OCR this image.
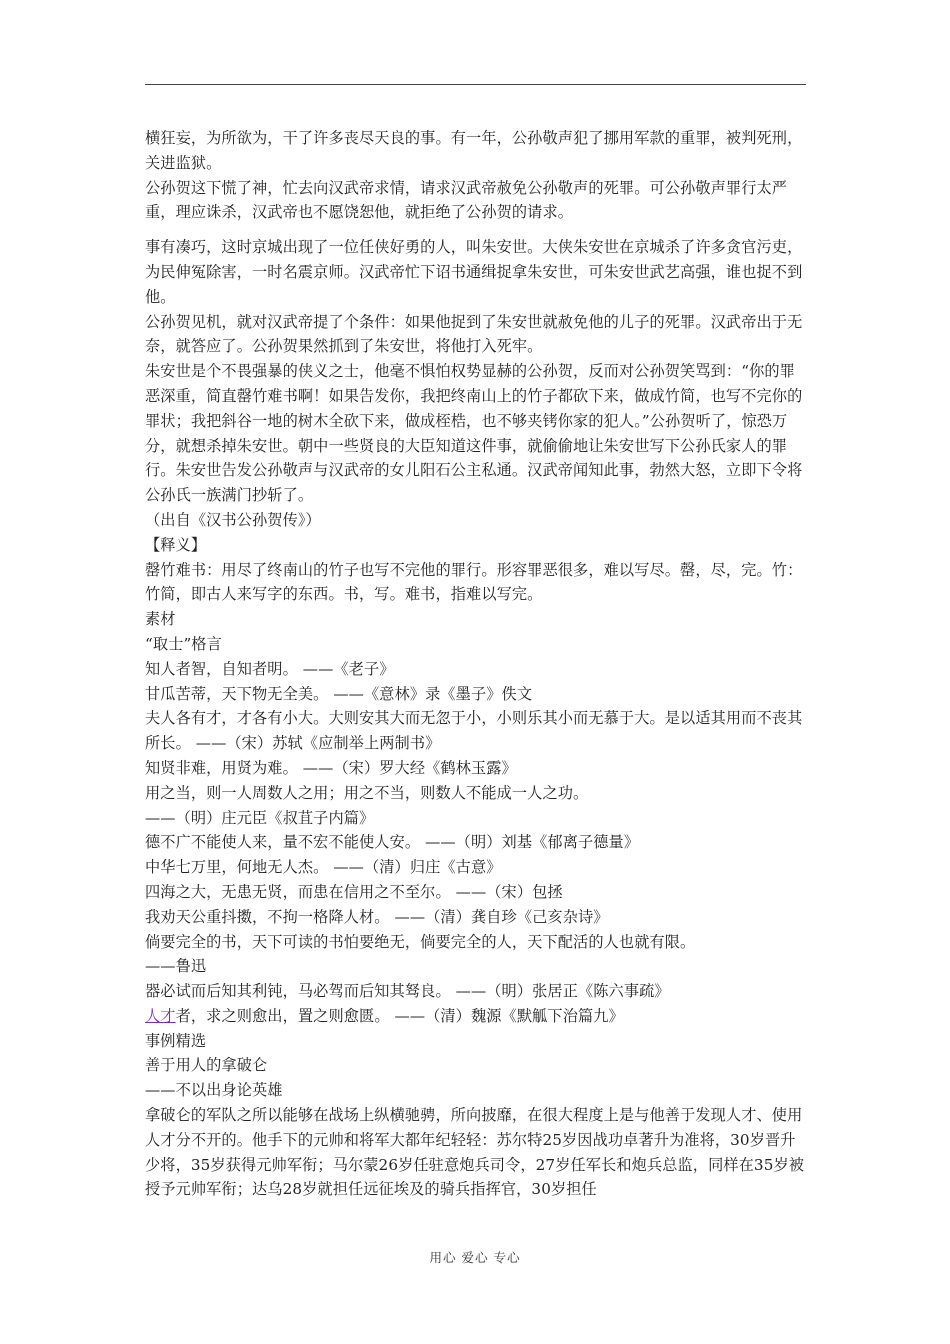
横狂妄，为所欲为，干了许多丧尽天良的事。有一年，公孙敬声犯了挪用军款的重罪，被判死刑，关进监狱。

公孙贺这下慌了神，忙去向汉武帝求情，请求汉武帝赦免公孙敬声的死罪。可公孙敬声罪行太严重，理应诛杀，汉武帝也不愿饶恕他，就拒绝了公孙贺的请求。

事有凑巧，这时京城出现了一位任侠好勇的人，叫朱安世。大侠朱安世在京城杀了许多贪官污吏，为民伸冤除害，一时名震京师。汉武帝忙下诏书通缉捉拿朱安世，可朱安世武艺高强，谁也捉不到他。

公孙贺见机，就对汉武帝提了个条件：如果他捉到了朱安世就赦免他的儿子的死罪。汉武帝出于无奈，就答应了。公孙贺果然抓到了朱安世，将他打入死牢。

朱安世是个不畏强暴的侠义之士，他毫不惧怕权势显赫的公孙贺，反而对公孙贺笑骂到：“你的罪恶深重，简直罄竹难书啊！如果告发你，我把终南山上的竹子都砍下来，做成竹简，也写不完你的罪状；我把斜谷一地的树木全砍下来，做成桎梏，也不够夹铐你家的犯人。”公孙贺听了，惊恐万分，就想杀掉朱安世。朝中一些贤良的大臣知道这件事，就偷偷地让朱安世写下公孙氏家人的罪行。朱安世告发公孙敬声与汉武帝的女儿阳石公主私通。汉武帝闻知此事，勃然大怒，立即下令将公孙氏一族满门抄斩了。

（出自《汉书公孙贺传》）

【释义】

罄竹难书：用尽了终南山的竹子也写不完他的罪行。形容罪恶很多，难以写尽。罄，尽，完。竹：竹简，即古人来写字的东西。书，写。难书，指难以写完。

素材

“取士”格言

知人者智，自知者明。 ——《老子》

甘瓜苦蒂，天下物无全美。 ——《意林》录《墨子》佚文

夫人各有才，才各有小大。大则安其大而无忽于小，小则乐其小而无慕于大。是以适其用而不丧其所长。 ——（宋）苏轼《应制举上两制书》

知贤非难，用贤为难。 ——（宋）罗大经《鹤林玉露》

用之当，则一人周数人之用；用之不当，则数人不能成一人之功。

——（明）庄元臣《叔苴子内篇》

德不广不能使人来，量不宏不能使人安。 ——（明）刘基《郁离子德量》

中华七万里，何地无人杰。 ——（清）归庄《古意》

四海之大，无患无贤，而患在信用之不至尔。 ——（宋）包拯

我劝天公重抖擞，不拘一格降人材。 ——（清）龚自珍《己亥杂诗》

倘要完全的书，天下可读的书怕要绝无，倘要完全的人，天下配活的人也就有限。

——鲁迅

器必试而后知其利钝，马必驾而后知其驽良。 ——（明）张居正《陈六事疏》

人才者，求之则愈出，置之则愈匮。 ——（清）魏源《默觚下治篇九》

事例精选

善于用人的拿破仑

——不以出身论英雄

拿破仑的军队之所以能够在战场上纵横驰骋，所向披靡，在很大程度上是与他善于发现人才、使用人才分不开的。他手下的元帅和将军大都年纪轻轻：苏尔特25岁因战功卓著升为准将，30岁晋升少将，35岁获得元帅军衔；马尔蒙26岁任驻意炮兵司令，27岁任军长和炮兵总监，同样在35岁被授予元帅军衔；达乌28岁就担任远征埃及的骑兵指挥官，30岁担任

用心 爱心 专心
